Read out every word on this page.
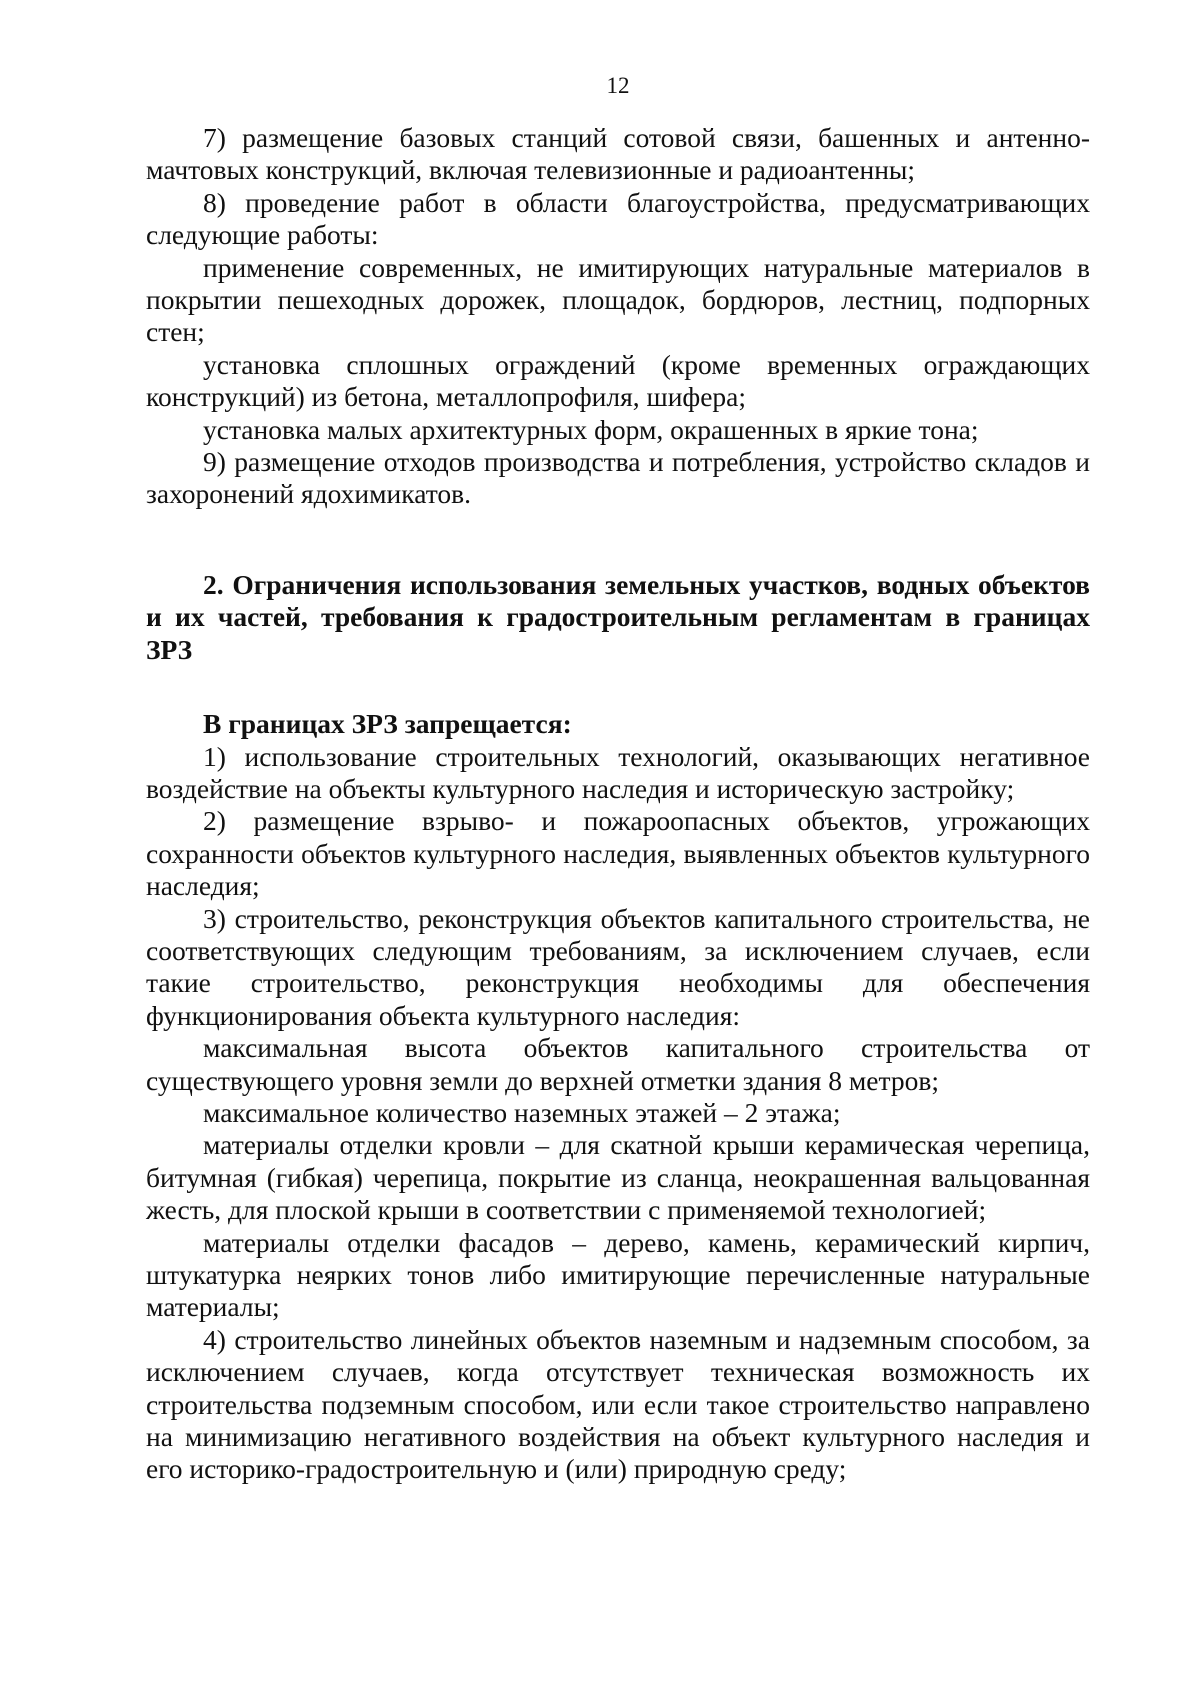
12

7) размещение базовых станций сотовой связи, башенных и антенно-мачтовых конструкций, включая телевизионные и радиоантенны;

8) проведение работ в области благоустройства, предусматривающих следующие работы:

применение современных, не имитирующих натуральные материалов в покрытии пешеходных дорожек, площадок, бордюров, лестниц, подпорных стен;

установка сплошных ограждений (кроме временных ограждающих конструкций) из бетона, металлопрофиля, шифера;

установка малых архитектурных форм, окрашенных в яркие тона;

9) размещение отходов производства и потребления, устройство складов и захоронений ядохимикатов.

2. Ограничения использования земельных участков, водных объектов и их частей, требования к градостроительным регламентам в границах ЗРЗ

В границах ЗРЗ запрещается:

1) использование строительных технологий, оказывающих негативное воздействие на объекты культурного наследия и историческую застройку;

2) размещение взрыво- и пожароопасных объектов, угрожающих сохранности объектов культурного наследия, выявленных объектов культурного наследия;

3) строительство, реконструкция объектов капитального строительства, не соответствующих следующим требованиям, за исключением случаев, если такие строительство, реконструкция необходимы для обеспечения функционирования объекта культурного наследия:

максимальная высота объектов капитального строительства от существующего уровня земли до верхней отметки здания 8 метров;

максимальное количество наземных этажей – 2 этажа;

материалы отделки кровли – для скатной крыши керамическая черепица, битумная (гибкая) черепица, покрытие из сланца, неокрашенная вальцованная жесть, для плоской крыши в соответствии с применяемой технологией;

материалы отделки фасадов – дерево, камень, керамический кирпич, штукатурка неярких тонов либо имитирующие перечисленные натуральные материалы;

4) строительство линейных объектов наземным и надземным способом, за исключением случаев, когда отсутствует техническая возможность их строительства подземным способом, или если такое строительство направлено на минимизацию негативного воздействия на объект культурного наследия и его историко-градостроительную и (или) природную среду;
